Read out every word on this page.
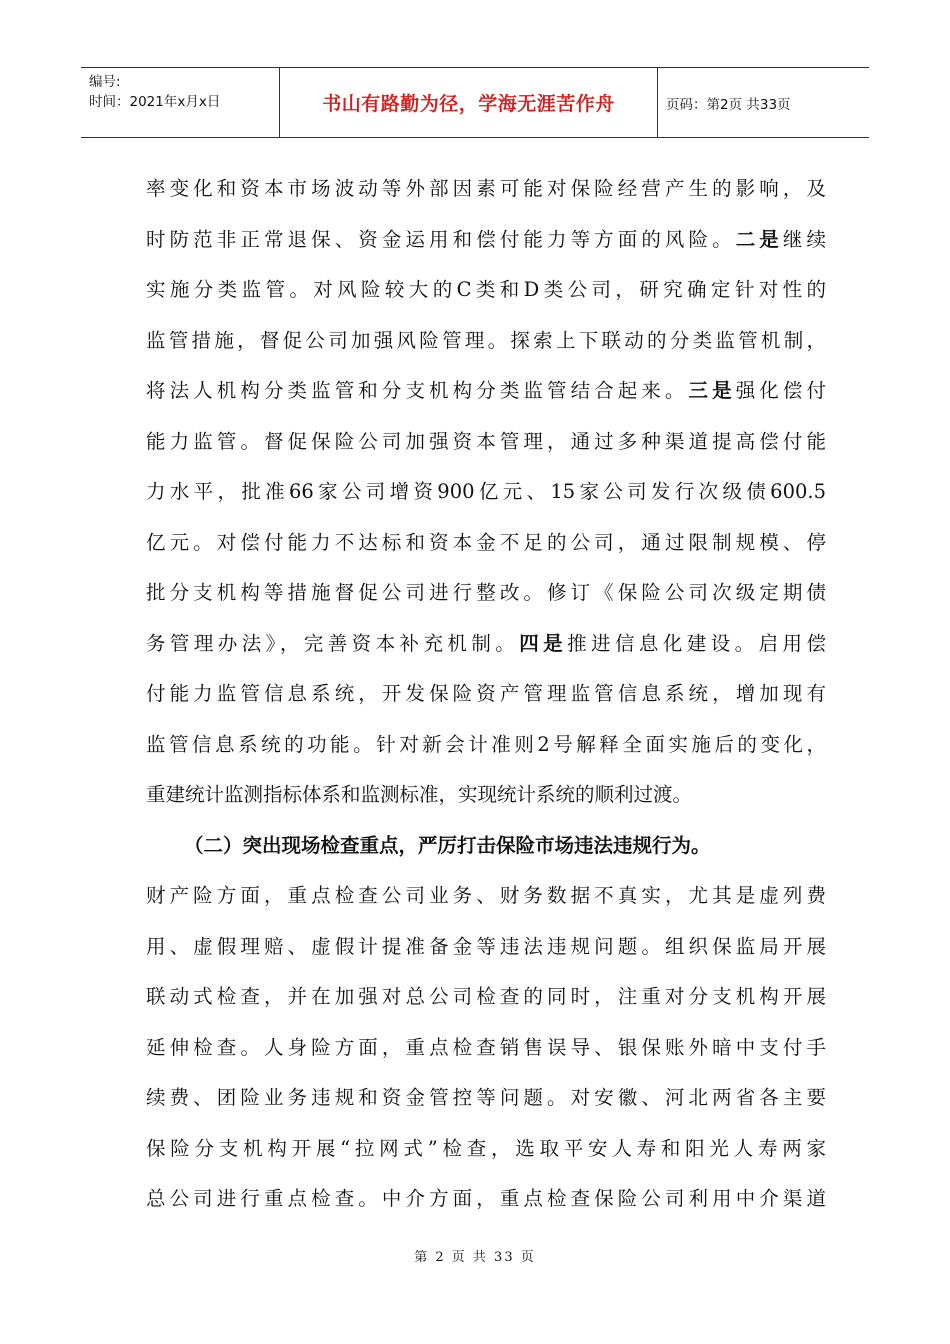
编号:
时间：2021年x月x日	书山有路勤为径，学海无涯苦作舟	页码：第2页 共33页
率变化和资本市场波动等外部因素可能对保险经营产生的影响，及
时防范非正常退保、资金运用和偿付能力等方面的风险。二是继续
实施分类监管。对风险较大的C类和D类公司，研究确定针对性的
监管措施，督促公司加强风险管理。探索上下联动的分类监管机制，
将法人机构分类监管和分支机构分类监管结合起来。三是强化偿付
能力监管。督促保险公司加强资本管理，通过多种渠道提高偿付能
力水平，批准66家公司增资900亿元、15家公司发行次级债600.5
亿元。对偿付能力不达标和资本金不足的公司，通过限制规模、停
批分支机构等措施督促公司进行整改。修订《保险公司次级定期债
务管理办法》，完善资本补充机制。四是推进信息化建设。启用偿
付能力监管信息系统，开发保险资产管理监管信息系统，增加现有
监管信息系统的功能。针对新会计准则2号解释全面实施后的变化，
重建统计监测指标体系和监测标准，实现统计系统的顺利过渡。
（二）突出现场检查重点，严厉打击保险市场违法违规行为。
财产险方面，重点检查公司业务、财务数据不真实，尤其是虚列费
用、虚假理赔、虚假计提准备金等违法违规问题。组织保监局开展
联动式检查，并在加强对总公司检查的同时，注重对分支机构开展
延伸检查。人身险方面，重点检查销售误导、银保账外暗中支付手
续费、团险业务违规和资金管控等问题。对安徽、河北两省各主要
保险分支机构开展“拉网式”检查，选取平安人寿和阳光人寿两家
总公司进行重点检查。中介方面，重点检查保险公司利用中介渠道
第 2 页 共 33 页
